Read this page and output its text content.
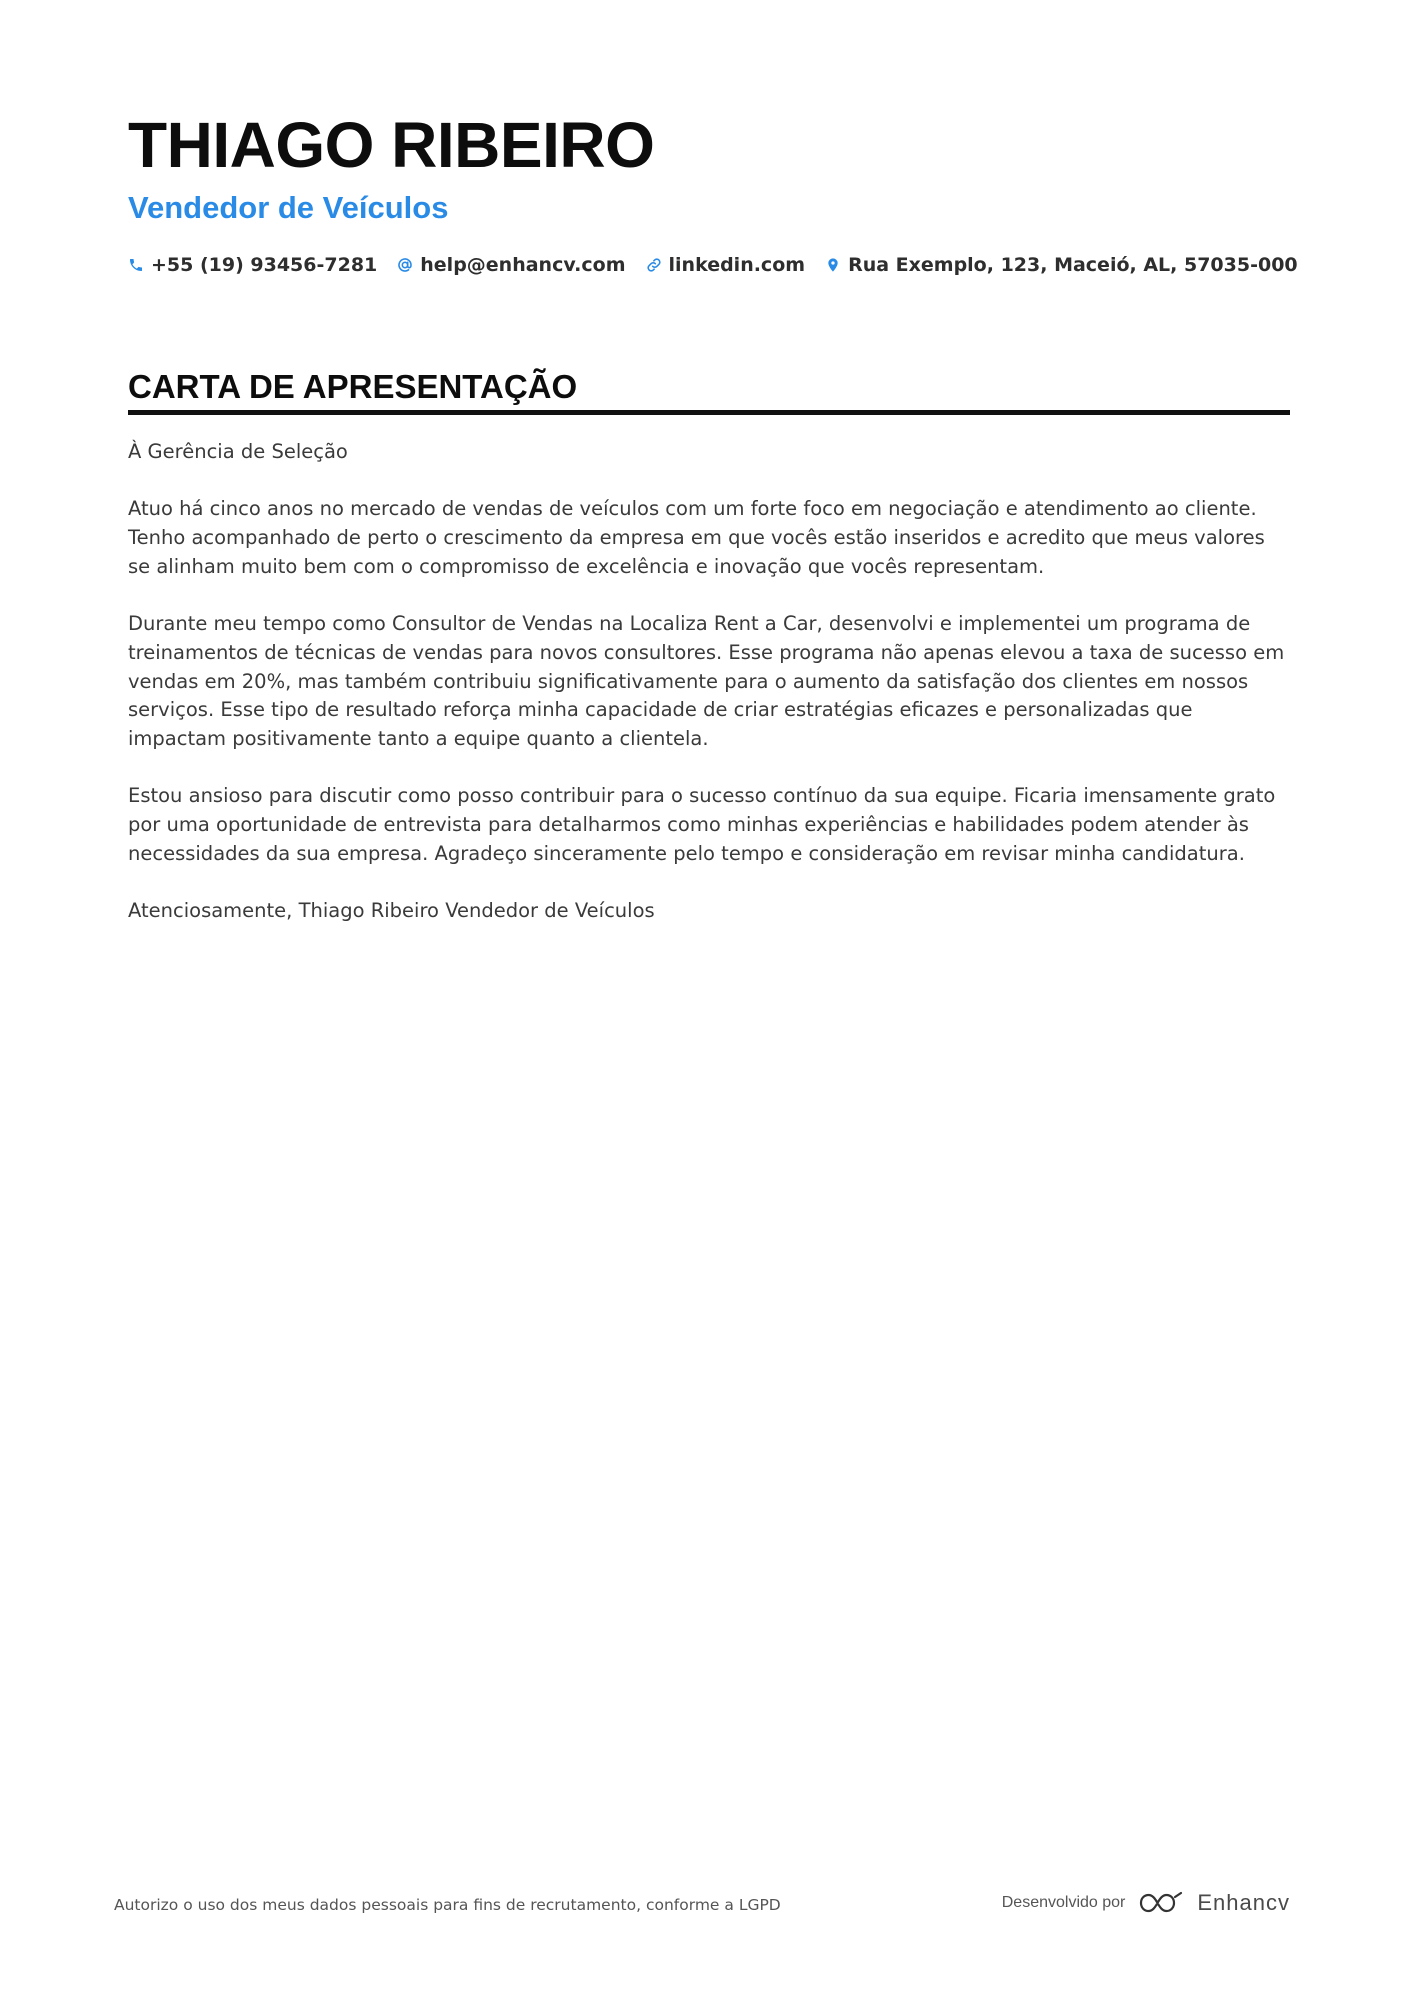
THIAGO RIBEIRO
Vendedor de Veículos
+55 (19) 93456-7281 help@enhancv.com linkedin.com Rua Exemplo, 123, Maceió, AL, 57035-000
CARTA DE APRESENTAÇÃO

À Gerência de Seleção

Atuo há cinco anos no mercado de vendas de veículos com um forte foco em negociação e atendimento ao cliente. Tenho acompanhado de perto o crescimento da empresa em que vocês estão inseridos e acredito que meus valores se alinham muito bem com o compromisso de excelência e inovação que vocês representam.

Durante meu tempo como Consultor de Vendas na Localiza Rent a Car, desenvolvi e implementei um programa de treinamentos de técnicas de vendas para novos consultores. Esse programa não apenas elevou a taxa de sucesso em vendas em 20%, mas também contribuiu significativamente para o aumento da satisfação dos clientes em nossos serviços. Esse tipo de resultado reforça minha capacidade de criar estratégias eficazes e personalizadas que impactam positivamente tanto a equipe quanto a clientela.

Estou ansioso para discutir como posso contribuir para o sucesso contínuo da sua equipe. Ficaria imensamente grato por uma oportunidade de entrevista para detalharmos como minhas experiências e habilidades podem atender às necessidades da sua empresa. Agradeço sinceramente pelo tempo e consideração em revisar minha candidatura.

Atenciosamente, Thiago Ribeiro Vendedor de Veículos

Autorizo o uso dos meus dados pessoais para fins de recrutamento, conforme a LGPD	Desenvolvido por	Enhancv
